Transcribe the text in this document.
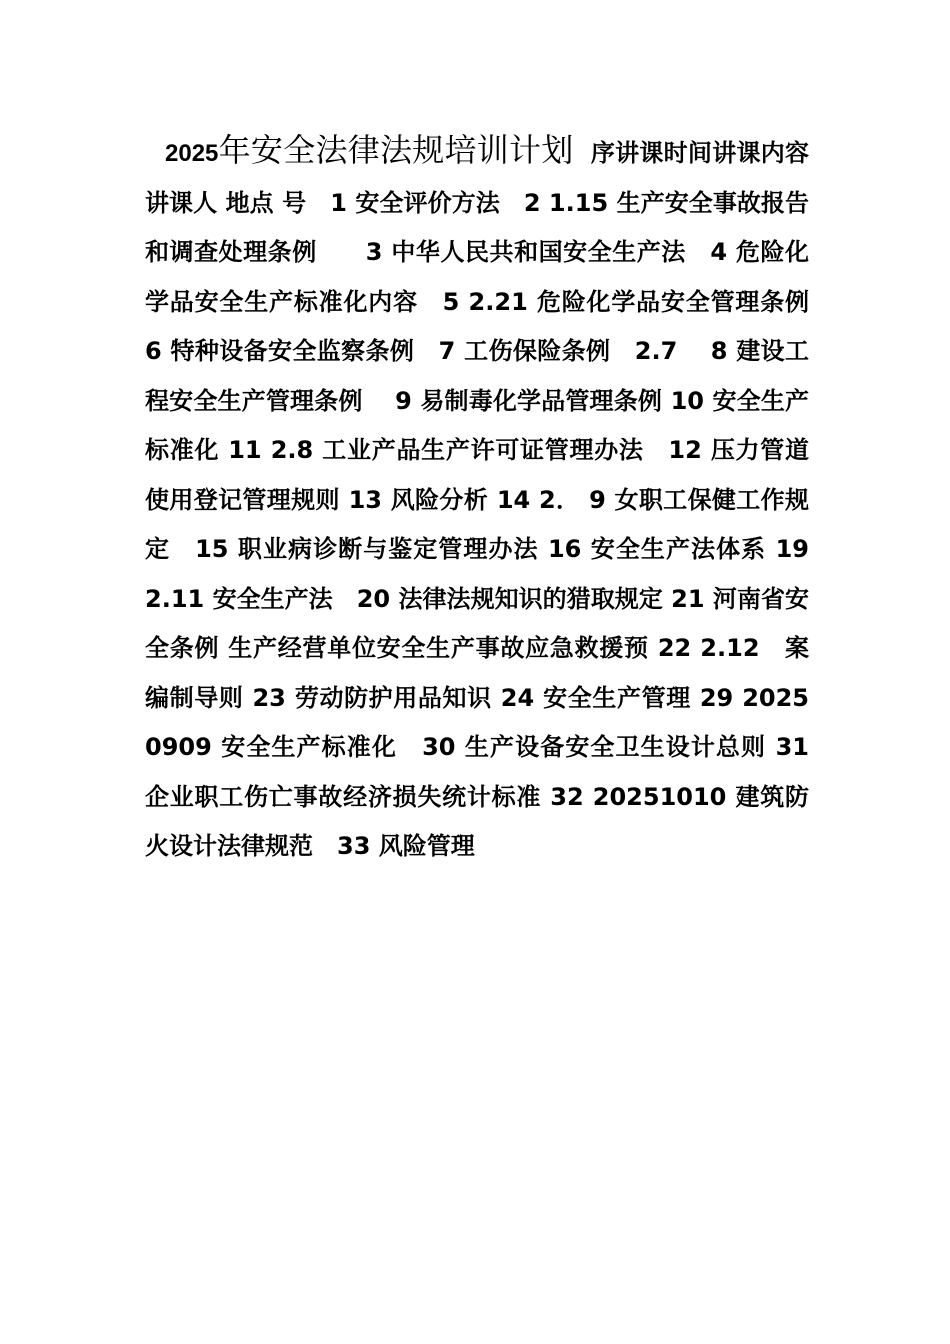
2025年安全法律法规培训计划 序讲课时间讲课内容 讲课人 地点 号　1 安全评价方法　2 1.15 生产安全事故报告和调查处理条例　　3 中华人民共和国安全生产法　4 危险化学品安全生产标准化内容　5 2.21 危险化学品安全管理条例　　6 特种设备安全监察条例　7 工伤保险条例　2.7　 8 建设工程安全生产管理条例　 9 易制毒化学品管理条例 10 安全生产标准化 11 2.8 工业产品生产许可证管理办法　12 压力管道使用登记管理规则 13 风险分析 14 2． 9 女职工保健工作规定　15 职业病诊断与鉴定管理办法 16 安全生产法体系 19 2.11 安全生产法　20 法律法规知识的猎取规定 21 河南省安全条例 生产经营单位安全生产事故应急救援预 22 2.12　案编制导则 23 劳动防护用品知识 24 安全生产管理 29 20250909 安全生产标准化　30 生产设备安全卫生设计总则 31 企业职工伤亡事故经济损失统计标准 32 20251010 建筑防火设计法律规范　33 风险管理
